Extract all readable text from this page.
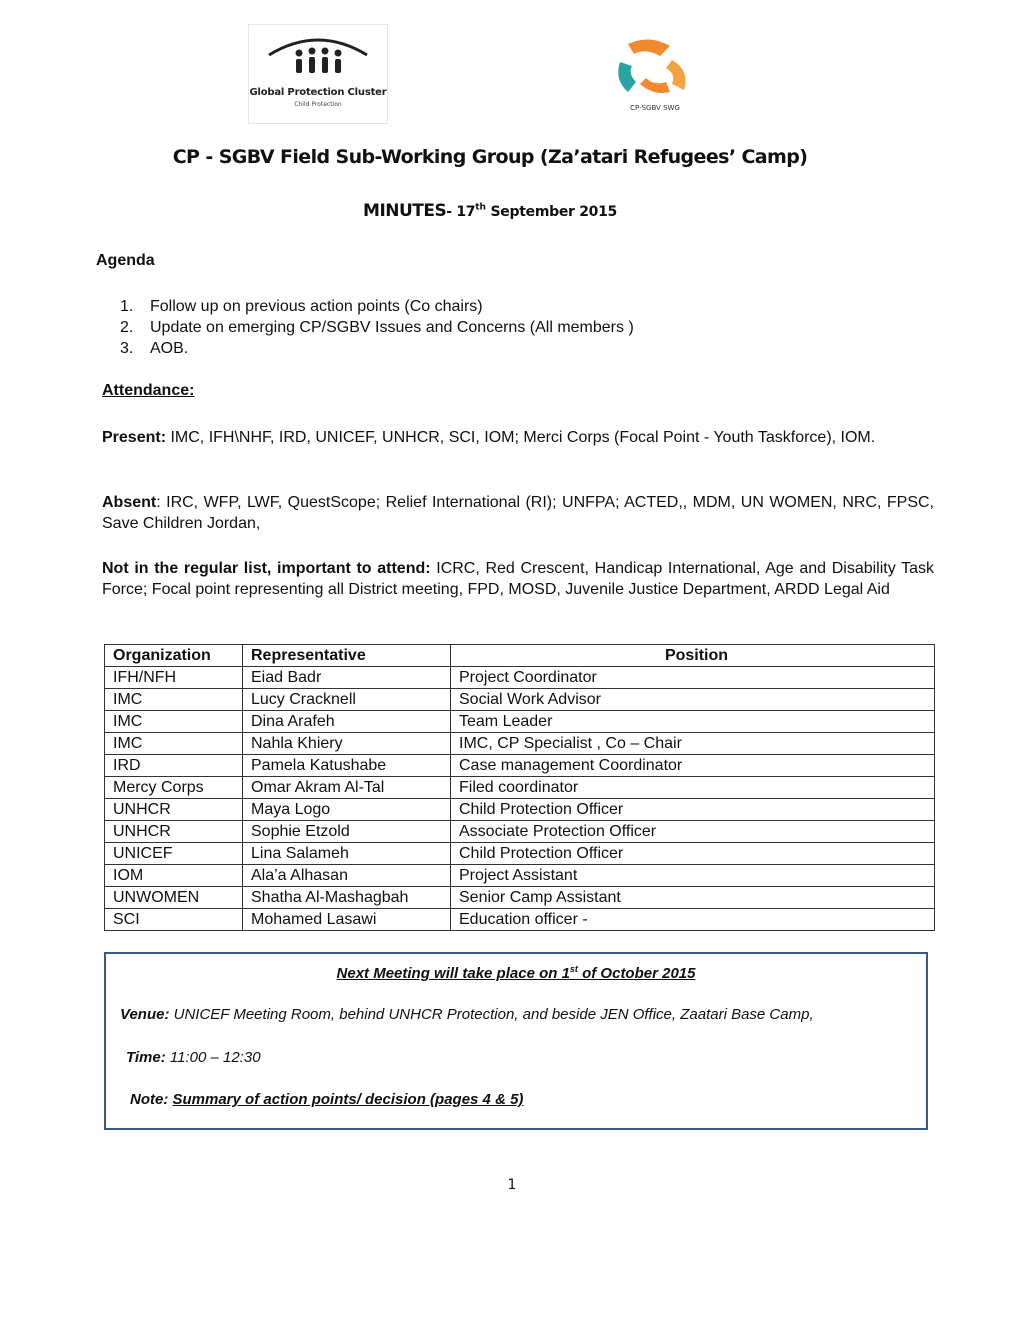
Global Protection Cluster
Child Protection	CP-SGBV SWG
CP - SGBV Field Sub-Working Group (Za’atari Refugees’ Camp)
MINUTES- 17th September 2015
Agenda
1. Follow up on previous action points (Co chairs)
2. Update on emerging CP/SGBV Issues and Concerns (All members )
3. AOB.
Attendance:

Present: IMC, IFH\NHF, IRD, UNICEF, UNHCR, SCI, IOM; Merci Corps (Focal Point - Youth Taskforce), IOM.

Absent: IRC, WFP, LWF, QuestScope; Relief International (RI); UNFPA; ACTED,, MDM, UN WOMEN, NRC, FPSC, Save Children Jordan,

Not in the regular list, important to attend: ICRC, Red Crescent, Handicap International, Age and Disability Task Force; Focal point representing all District meeting, FPD, MOSD, Juvenile Justice Department, ARDD Legal Aid

Organization	Representative	Position
IFH/NFH	Eiad Badr	Project Coordinator
IMC	Lucy Cracknell	Social Work Advisor
IMC	Dina Arafeh	Team Leader
IMC	Nahla Khiery	IMC, CP Specialist , Co – Chair
IRD	Pamela Katushabe	Case management Coordinator
Mercy Corps	Omar Akram Al-Tal	Filed coordinator
UNHCR	Maya Logo	Child Protection Officer
UNHCR	Sophie Etzold	Associate Protection Officer
UNICEF	Lina Salameh	Child Protection Officer
IOM	Ala’a Alhasan	Project Assistant
UNWOMEN	Shatha Al-Mashagbah	Senior Camp Assistant
SCI	Mohamed Lasawi	Education officer -
Next Meeting will take place on 1st of October 2015
Venue: UNICEF Meeting Room, behind UNHCR Protection, and beside JEN Office, Zaatari Base Camp,
Time: 11:00 – 12:30
Note: Summary of action points/ decision (pages 4 & 5)
1
